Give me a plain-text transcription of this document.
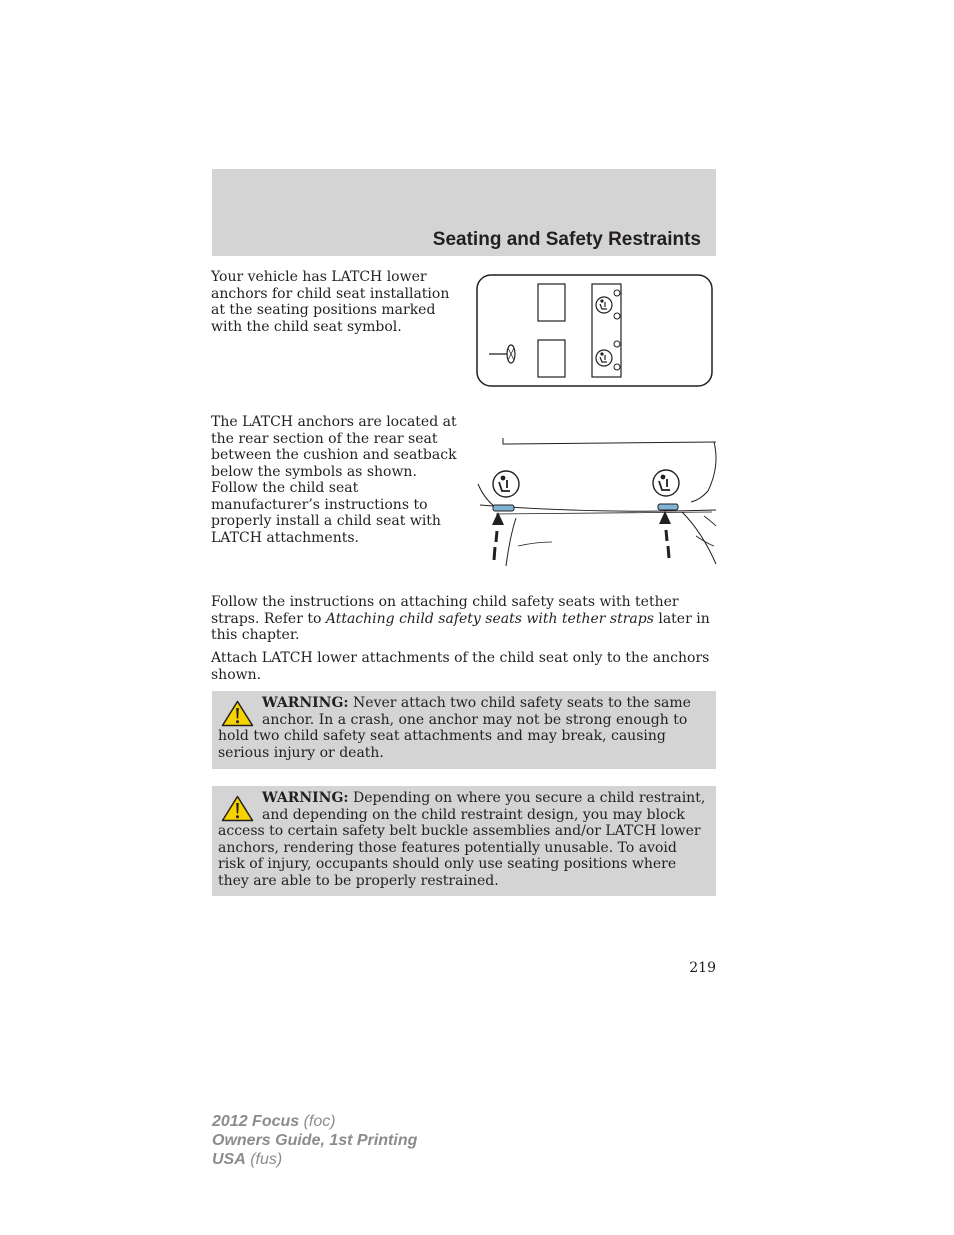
Seating and Safety Restraints

Your vehicle has LATCH lower anchors for child seat installation at the seating positions marked with the child seat symbol.

The LATCH anchors are located at the rear section of the rear seat between the cushion and seatback below the symbols as shown. Follow the child seat manufacturer’s instructions to properly install a child seat with LATCH attachments.

Follow the instructions on attaching child safety seats with tether straps. Refer to Attaching child safety seats with tether straps later in this chapter.

Attach LATCH lower attachments of the child seat only to the anchors shown.

WARNING: Never attach two child safety seats to the same anchor. In a crash, one anchor may not be strong enough to hold two child safety seat attachments and may break, causing serious injury or death.

WARNING: Depending on where you secure a child restraint, and depending on the child restraint design, you may block access to certain safety belt buckle assemblies and/or LATCH lower anchors, rendering those features potentially unusable. To avoid risk of injury, occupants should only use seating positions where they are able to be properly restrained.

219
2012 Focus (foc)
Owners Guide, 1st Printing
USA (fus)
